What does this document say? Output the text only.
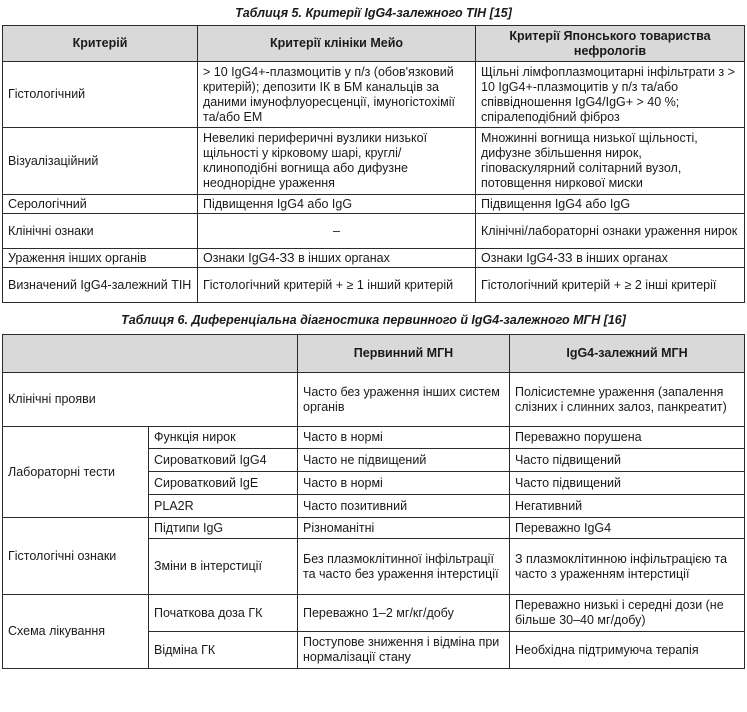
Таблиця 5. Критерії IgG4-залежного ТІН [15]
Критерій	Критерії клініки Мейо	Критерії Японського товариства нефрологів
Гістологічний	> 10 IgG4+-плазмоцитів у п/з (обов'язковий критерій); депозити ІК в БМ канальців за даними імунофлуоресценції, імуногістохімії та/або ЕМ	Щільні лімфоплазмоцитарні інфільтрати з > 10 IgG4+-плазмоцитів у п/з та/або співвідношення IgG4/IgG+ > 40 %; спіралеподібний фіброз
Візуалізаційний	Невеликі периферичні вузлики низької щільності у кірковому шарі, круглі/клиноподібні вогнища або дифузне неоднорідне ураження	Множинні вогнища низької щільності, дифузне збільшення нирок, гіповаскулярний солітарний вузол, потовщення ниркової миски
Серологічний	Підвищення IgG4 або IgG	Підвищення IgG4 або IgG
Клінічні ознаки	–	Клінічні/лабораторні ознаки ураження нирок
Ураження інших органів	Ознаки IgG4-ЗЗ в інших органах	Ознаки IgG4-ЗЗ в інших органах
Визначений IgG4-залежний ТІН	Гістологічний критерій + ≥ 1 інший критерій	Гістологічний критерій + ≥ 2 інші критерії
Таблиця 6. Диференціальна діагностика первинного й IgG4-залежного МГН [16]
		Первинний МГН	IgG4-залежний МГН
Клінічні прояви		Часто без ураження інших систем органів	Полісистемне ураження (запалення слізних і слинних залоз, панкреатит)
Лабораторні тести	Функція нирок	Часто в нормі	Переважно порушена
	Сироватковий IgG4	Часто не підвищений	Часто підвищений
	Сироватковий IgE	Часто в нормі	Часто підвищений
	PLA2R	Часто позитивний	Негативний
Гістологічні ознаки	Підтипи IgG	Різноманітні	Переважно IgG4
	Зміни в інтерстиції	Без плазмоклітинної інфільтрації та часто без ураження інтерстиції	З плазмоклітинною інфільтрацією та часто з ураженням інтерстиції
Схема лікування	Початкова доза ГК	Переважно 1–2 мг/кг/добу	Переважно низькі і середні дози (не більше 30–40 мг/добу)
	Відміна ГК	Поступове зниження і відміна при нормалізації стану	Необхідна підтримуюча терапія
